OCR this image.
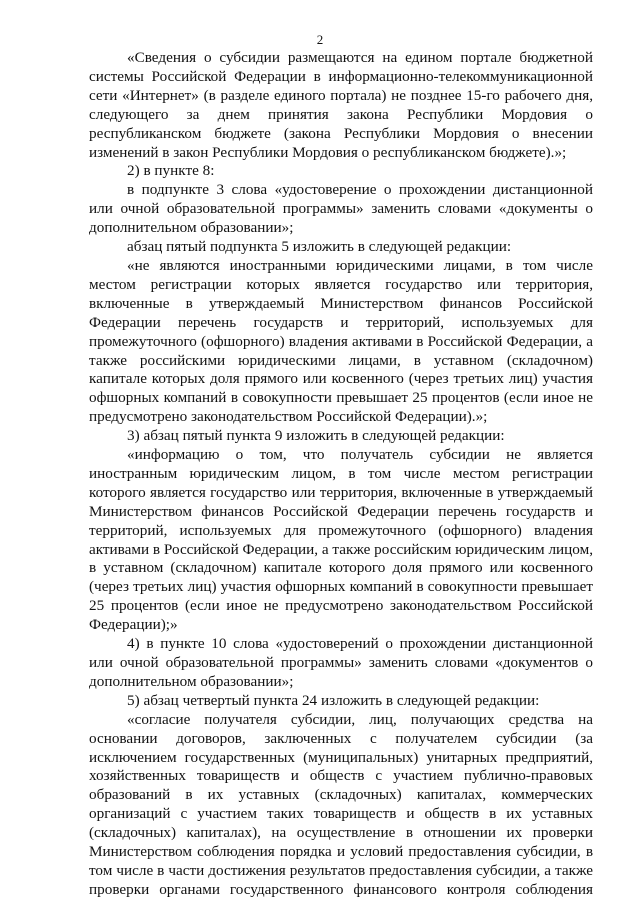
2

«Сведения о субсидии размещаются на едином портале бюджетной системы Российской Федерации в информационно-телекоммуникационной сети «Интернет» (в разделе единого портала) не позднее 15-го рабочего дня, следующего за днем принятия закона Республики Мордовия о республиканском бюджете (закона Республики Мордовия о внесении изменений в закон Республики Мордовия о республиканском бюджете).»;

2) в пункте 8:

в подпункте 3 слова «удостоверение о прохождении дистанционной или очной образовательной программы» заменить словами «документы о дополнительном образовании»;

абзац пятый подпункта 5 изложить в следующей редакции:

«не являются иностранными юридическими лицами, в том числе местом регистрации которых является государство или территория, включенные в утверждаемый Министерством финансов Российской Федерации перечень государств и территорий, используемых для промежуточного (офшорного) владения активами в Российской Федерации, а также российскими юридическими лицами, в уставном (складочном) капитале которых доля прямого или косвенного (через третьих лиц) участия офшорных компаний в совокупности превышает 25 процентов (если иное не предусмотрено законодательством Российской Федерации).»;

3) абзац пятый пункта 9 изложить в следующей редакции:

«информацию о том, что получатель субсидии не является иностранным юридическим лицом, в том числе местом регистрации которого является государство или территория, включенные в утверждаемый Министерством финансов Российской Федерации перечень государств и территорий, используемых для промежуточного (офшорного) владения активами в Российской Федерации, а также российским юридическим лицом, в уставном (складочном) капитале которого доля прямого или косвенного (через третьих лиц) участия офшорных компаний в совокупности превышает 25 процентов (если иное не предусмотрено законодательством Российской Федерации);»

4) в пункте 10 слова «удостоверений о прохождении дистанционной или очной образовательной программы» заменить словами «документов о дополнительном образовании»;

5) абзац четвертый пункта 24 изложить в следующей редакции:

«согласие получателя субсидии, лиц, получающих средства на основании договоров, заключенных с получателем субсидии (за исключением государственных (муниципальных) унитарных предприятий, хозяйственных товариществ и обществ с участием публично-правовых образований в их уставных (складочных) капиталах, коммерческих организаций с участием таких товариществ и обществ в их уставных (складочных) капиталах), на осуществление в отношении их проверки Министерством соблюдения порядка и условий предоставления субсидии, в том числе в части достижения результатов предоставления субсидии, а также проверки органами государственного финансового контроля соблюдения
